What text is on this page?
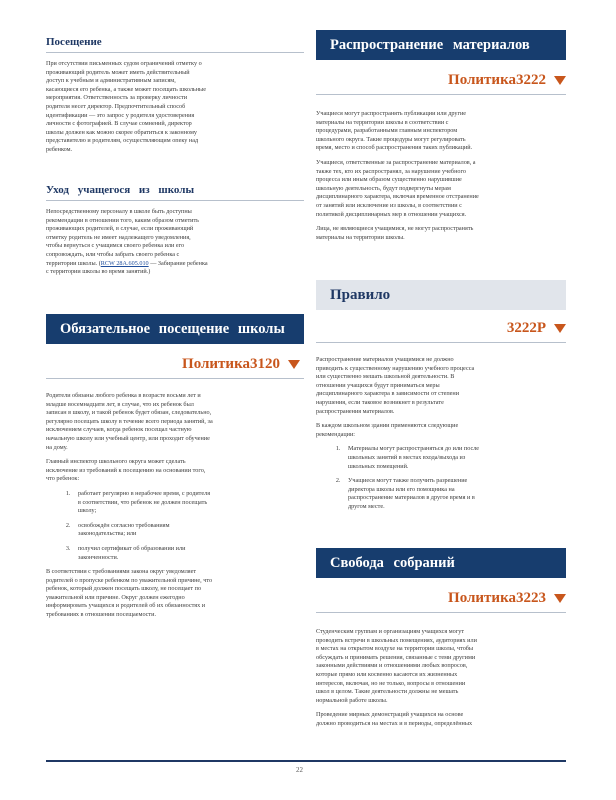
Посещение

При отсутствии письменных судом ограничений отметку о проживающий родитель может иметь действительный доступ к учебным и административным записям, касающиеся его ребенка, а также может посещать школьные мероприятия. Ответственность за проверку личности родителя несет директор. Предпочтительный способ идентификации — это запрос у родителя удостоверения личности с фотографией. В случае сомнений, директор школы должен как можно скорее обратиться к законному представителю и родителям, осуществляющим опеку над ребенком.

Уход учащегося из школы

Непосредственному персоналу в школе быть доступны рекомендации в отношении того, каким образом отметить проживающих родителей, в случае, если проживающий отметку родитель не имеет надлежащего уведомления, чтобы вернуться с учащимся своего ребенка или его сопровождать, или чтобы забрать своего ребенка с территории школы. (RCW 28A.605.010 — Забирание ребенка с территории школы во время занятий.)

Обязательное посещение школы
Политика3120

Родители обязаны любого ребенка в возрасте восьми лет и младше восемнадцати лет, в случае, что их ребенок был записан в школу, и такой ребенок будет обязан, следовательно, регулярно посещать школу в течение всего периода занятий, за исключением случаев, когда ребенок посещал частную начальную школу или учебный центр, или проходит обучение на дому.

Главный инспектор школьного округа может сделать исключение из требований к посещению на основании того, что ребенок:

1. работает регулярно в нерабочее время, с родителя в соответствии, что ребенок не должен посещать школу;
2. освобождён согласно требованиям законодательства; или
3. получил сертификат об образовании или законченности.

В соответствии с требованиями закона округ уведомляет родителей о пропуске ребенком по уважительной причине, что ребенок, который должен посещать школу, не посещает по уважительной или причине. Округ должен ежегодно информировать учащихся и родителей об их обязанностях и требованиях в отношении посещаемости.

Распространение материалов
Политика3222

Учащиеся могут распространять публикации или другие материалы на территории школы в соответствии с процедурами, разработанными главным инспектором школьного округа. Такие процедуры могут регулировать время, место и способ распространения таких публикаций.

Учащиеся, ответственные за распространение материалов, а также тех, кто их распространял, за нарушение учебного процесса или иным образом существенно нарушившие школьную деятельность, будут подвергнуты мерам дисциплинарного характера, включая временное отстранение от занятий или исключение из школы, в соответствии с политикой дисциплинарных мер в отношении учащихся.

Лица, не являющиеся учащимися, не могут распространять материалы на территории школы.

Правило
3222P

Распространение материалов учащимися не должно приводить к существенному нарушению учебного процесса или существенно мешать школьной деятельности. В отношении учащихся будут приниматься меры дисциплинарного характера в зависимости от степени нарушения, если таковое возникнет в результате распространения материалов.

В каждом школьном здании применяются следующие рекомендации:

1. Материалы могут распространяться до или после школьных занятий в местах входа/выхода из школьных помещений.
2. Учащиеся могут также получить разрешение директора школы или его помощника на распространение материалов в другое время и в другом месте.
Свобода собраний
Политика3223

Студенческим группам и организациям учащихся могут проводить встречи в школьных помещениях, аудиториях или в местах на открытом воздухе на территории школы, чтобы обсуждать и принимать решения, связанные с теми другими законными действиями и отношениями любых вопросов, которые прямо или косвенно касаются их жизненных интересов, включая, но не только, вопросы в отношении школ в целом. Такие деятельности должны не мешать нормальной работе школы.

Проведение мирных демонстраций учащихся на основе должно проводиться на местах и в периоды, определённых

22
